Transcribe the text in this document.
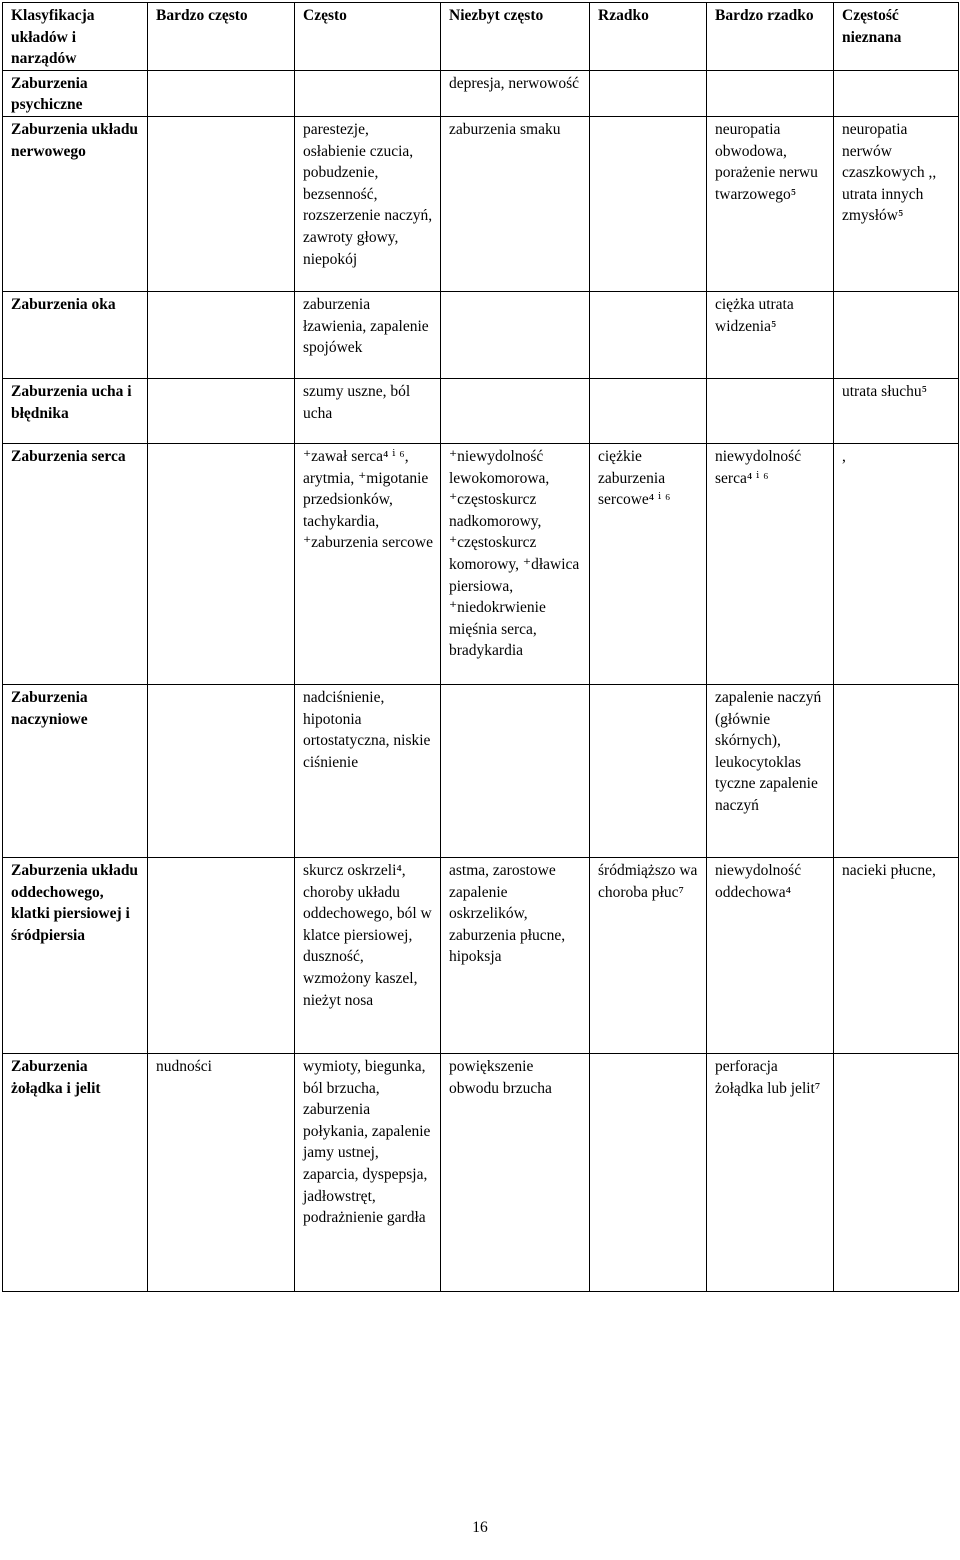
Klasyfikacja układów i narządów	Bardzo często	Często	Niezbyt często	Rzadko	Bardzo rzadko	Częstość nieznana
Zaburzenia psychiczne			depresja, nerwowość			
Zaburzenia układu nerwowego		parestezje, osłabienie czucia, pobudzenie, bezsenność, rozszerzenie naczyń, zawroty głowy, niepokój	zaburzenia smaku		neuropatia obwodowa, porażenie nerwu twarzowego⁵	neuropatia nerwów czaszkowych ,, utrata innych zmysłów⁵
Zaburzenia oka		zaburzenia łzawienia, zapalenie spojówek			ciężka utrata widzenia⁵	
Zaburzenia ucha i błędnika		szumy uszne, ból ucha				utrata słuchu⁵
Zaburzenia serca		⁺zawał serca⁴ ⁱ ⁶, arytmia, ⁺migotanie przedsionków, tachykardia, ⁺zaburzenia sercowe	⁺niewydolność lewokomorowa, ⁺częstoskurcz nadkomorowy, ⁺częstoskurcz komorowy, ⁺dławica piersiowa, ⁺niedokrwienie mięśnia serca, bradykardia	ciężkie zaburzenia sercowe⁴ ⁱ ⁶	niewydolność serca⁴ ⁱ ⁶	,
Zaburzenia naczyniowe		nadciśnienie, hipotonia ortostatyczna, niskie ciśnienie			zapalenie naczyń (głównie skórnych), leukocytoklas tyczne zapalenie naczyń	
Zaburzenia układu oddechowego, klatki piersiowej i śródpiersia		skurcz oskrzeli⁴, choroby układu oddechowego, ból w klatce piersiowej, duszność, wzmożony kaszel, nieżyt nosa	astma, zarostowe zapalenie oskrzelików, zaburzenia płucne, hipoksja	śródmiąższo wa choroba płuc⁷	niewydolność oddechowa⁴	nacieki płucne,
Zaburzenia żołądka i jelit	nudności	wymioty, biegunka, ból brzucha, zaburzenia połykania, zapalenie jamy ustnej, zaparcia, dyspepsja, jadłowstręt, podrażnienie gardła	powiększenie obwodu brzucha		perforacja żołądka lub jelit⁷	
16
